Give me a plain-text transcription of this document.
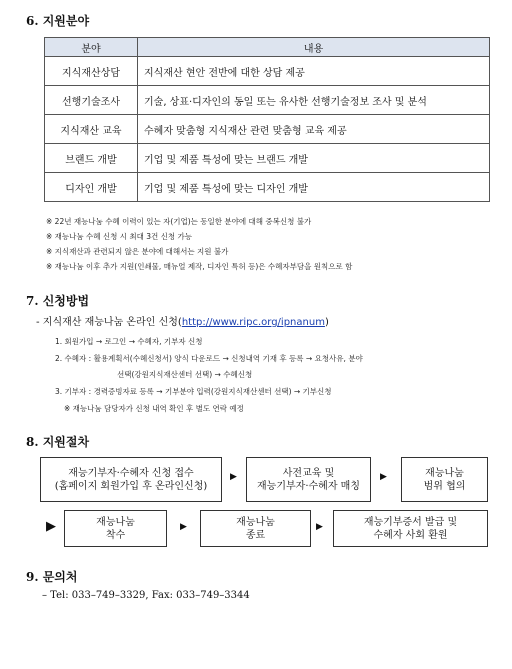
6. 지원분야
분야	내용
지식재산상담	지식재산 현안 전반에 대한 상담 제공
선행기술조사	기술, 상표·디자인의 동일 또는 유사한 선행기술정보 조사 및 분석
지식재산 교육	수혜자 맞춤형 지식재산 관련 맞춤형 교육 제공
브랜드 개발	기업 및 제품 특성에 맞는 브랜드 개발
디자인 개발	기업 및 제품 특성에 맞는 디자인 개발
※ 22년 재능나눔 수혜 이력이 있는 자(기업)는 동일한 분야에 대해 중복신청 불가
※ 재능나눔 수혜 신청 시 최대 3건 신청 가능
※ 지식재산과 관련되지 않은 분야에 대해서는 지원 불가
※ 재능나눔 이후 추가 지원(인쇄물, 매뉴얼 제작, 디자인 특허 등)은 수혜자부담을 원칙으로 함
7. 신청방법
- 지식재산 재능나눔 온라인 신청(http://www.ripc.org/ipnanum)
1. 회원가입 → 로그인 → 수혜자, 기부자 신청
2. 수혜자 : 활용계획서(수혜신청서) 양식 다운로드 → 신청내역 기재 후 등록 → 요청사유, 분야
선택(강원지식재산센터 선택) → 수혜신청
3. 기부자 : 경력증빙자료 등록 → 기부분야 입력(강원지식재산센터 선택) → 기부신청
※ 재능나눔 담당자가 신청 내역 확인 후 별도 연락 예정
8. 지원절차
재능기부자·수혜자 신청 접수
(홈페이지 회원가입 후 온라인신청)
▶	사전교육 및
재능기부자·수혜자 매칭
▶	재능나눔
범위 협의
▶	재능나눔
착수
▶	재능나눔
종료
▶	재능기부증서 발급 및
수혜자 사회 환원
9. 문의처
– Tel: 033–749–3329, Fax: 033–749–3344
